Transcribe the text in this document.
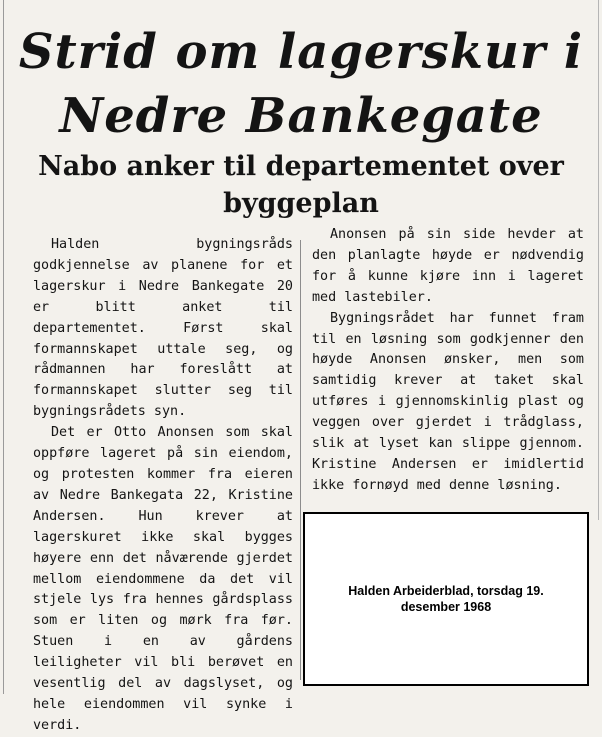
Strid om lagerskur i
Nedre Bankegate
Nabo anker til departementet over
byggeplan

Halden bygningsråds godkjennelse av planene for et lagerskur i Nedre Bankegate 20 er blitt anket til departementet. Først skal formannskapet uttale seg, og rådmannen har foreslått at formannskapet slutter seg til bygningsrådets syn.

Det er Otto Anonsen som skal oppføre lageret på sin eiendom, og protesten kommer fra eieren av Nedre Bankegata 22, Kristine Andersen. Hun krever at lagerskuret ikke skal bygges høyere enn det nåværende gjerdet mellom eiendommene da det vil stjele lys fra hennes gårdsplass som er liten og mørk fra før. Stuen i en av gårdens leiligheter vil bli berøvet en vesentlig del av dagslyset, og hele eiendommen vil synke i verdi.

Anonsen på sin side hevder at den planlagte høyde er nødvendig for å kunne kjøre inn i lageret med lastebiler.

Bygningsrådet har funnet fram til en løsning som godkjenner den høyde Anonsen ønsker, men som samtidig krever at taket skal utføres i gjennomskinlig plast og veggen over gjerdet i trådglass, slik at lyset kan slippe gjennom. Kristine Andersen er imidlertid ikke fornøyd med denne løsning.

Halden Arbeiderblad, torsdag 19. desember 1968
